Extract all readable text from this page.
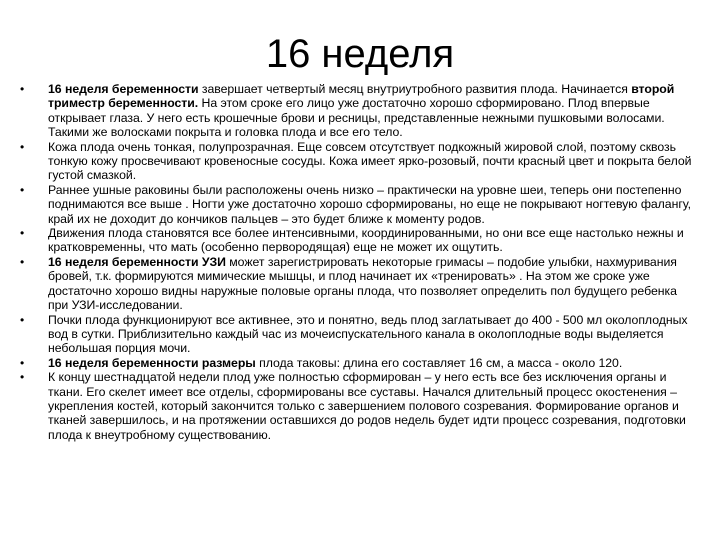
16 неделя
• 16 неделя беременности завершает четвертый месяц внутриутробного развития плода. Начинается второй триместр беременности. На этом сроке его лицо уже достаточно хорошо сформировано. Плод впервые открывает глаза. У него есть крошечные брови и ресницы, представленные нежными пушковыми волосами. Такими же волосками покрыта и головка плода и все его тело.
• Кожа плода очень тонкая, полупрозрачная. Еще совсем отсутствует подкожный жировой слой, поэтому сквозь тонкую кожу просвечивают кровеносные сосуды. Кожа имеет ярко-розовый, почти красный цвет и покрыта белой густой смазкой.
• Раннее ушные раковины были расположены очень низко – практически на уровне шеи, теперь они постепенно поднимаются все выше . Ногти уже достаточно хорошо сформированы, но еще не покрывают ногтевую фалангу, край их не доходит до кончиков пальцев – это будет ближе к моменту родов.
• Движения плода становятся все более интенсивными, координированными, но они все еще настолько нежны и кратковременны, что мать (особенно первородящая) еще не может их ощутить.
• 16 неделя беременности УЗИ может зарегистрировать некоторые гримасы – подобие улыбки, нахмуривания бровей, т.к. формируются мимические мышцы, и плод начинает их «тренировать» . На этом же сроке уже достаточно хорошо видны наружные половые органы плода, что позволяет определить пол будущего ребенка при УЗИ-исследовании.
• Почки плода функционируют все активнее, это и понятно, ведь плод заглатывает до 400 - 500 мл околоплодных вод в сутки. Приблизительно каждый час из мочеиспускательного канала в околоплодные воды выделяется небольшая порция мочи.
• 16 неделя беременности размеры плода таковы: длина его составляет 16 см, а масса - около 120.
• К концу шестнадцатой недели плод уже полностью сформирован – у него есть все без исключения органы и ткани. Его скелет имеет все отделы, сформированы все суставы. Начался длительный процесс окостенения – укрепления костей, который закончится только с завершением полового созревания. Формирование органов и тканей завершилось, и на протяжении оставшихся до родов недель будет идти процесс созревания, подготовки плода к внеутробному существованию.
